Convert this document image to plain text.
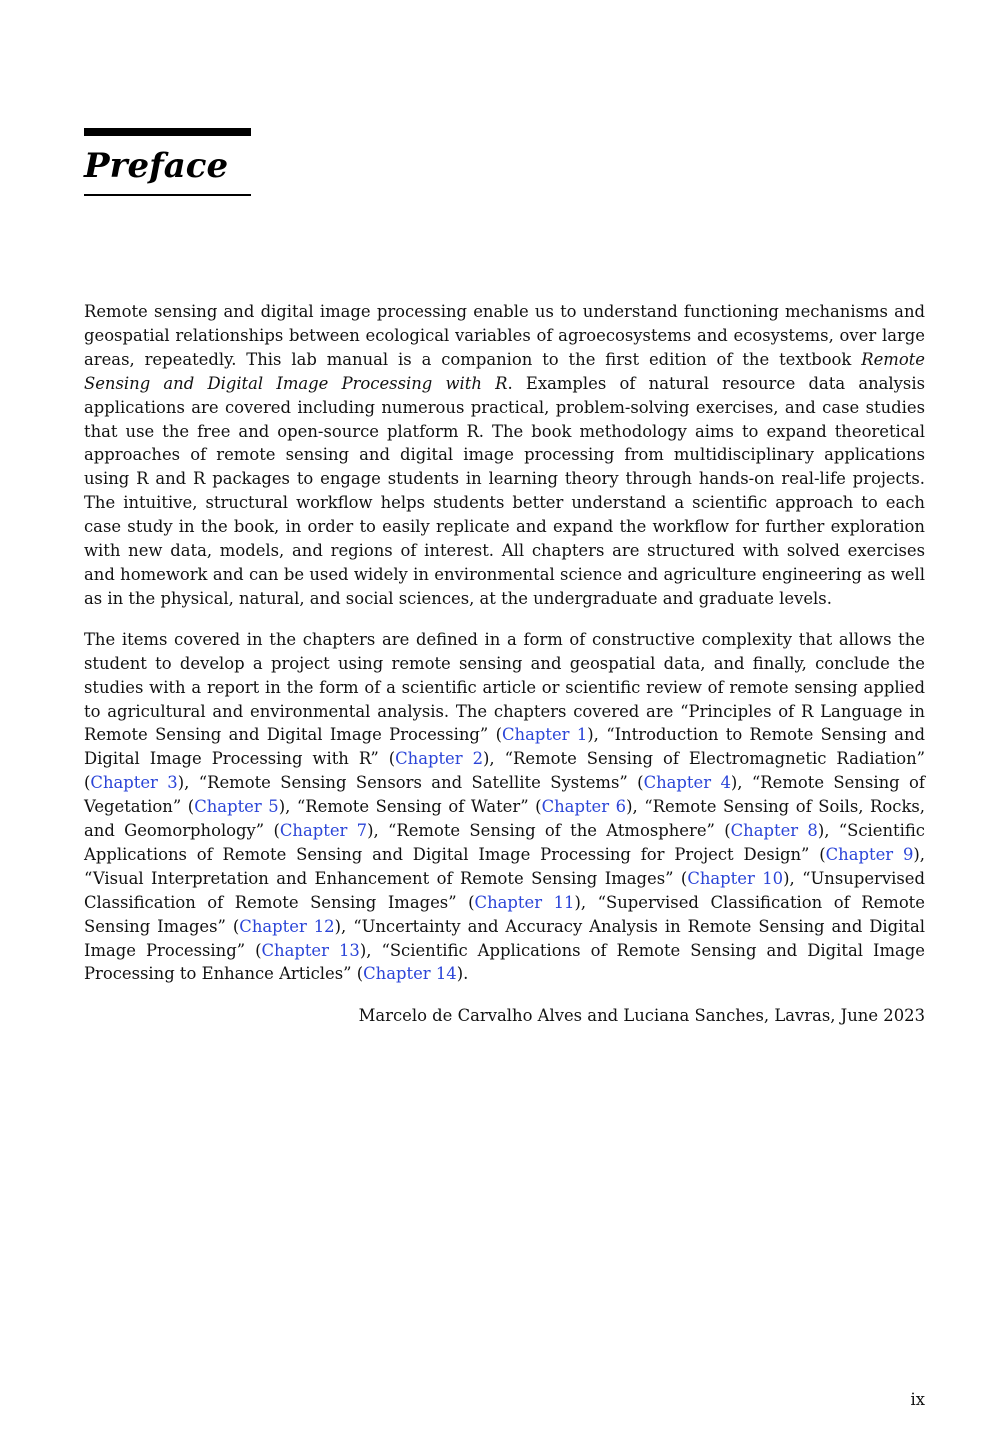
Preface

Remote sensing and digital image processing enable us to understand functioning mechanisms and geospatial relationships between ecological variables of agroecosystems and ecosystems, over large areas, repeatedly. This lab manual is a companion to the first edition of the textbook Remote Sensing and Digital Image Processing with R. Examples of natural resource data analysis applications are covered including numerous practical, problem-solving exercises, and case studies that use the free and open-source platform R. The book methodology aims to expand theoretical approaches of remote sensing and digital image processing from multidisciplinary applications using R and R packages to engage students in learning theory through hands-on real-life projects. The intuitive, structural workflow helps students better understand a scientific approach to each case study in the book, in order to easily replicate and expand the workflow for further exploration with new data, models, and regions of interest. All chapters are structured with solved exercises and homework and can be used widely in environmental science and agriculture engineering as well as in the physical, natural, and social sciences, at the undergraduate and graduate levels.

The items covered in the chapters are defined in a form of constructive complexity that allows the student to develop a project using remote sensing and geospatial data, and finally, conclude the studies with a report in the form of a scientific article or scientific review of remote sensing applied to agricultural and environmental analysis. The chapters covered are “Principles of R Language in Remote Sensing and Digital Image Processing” (Chapter 1), “Introduction to Remote Sensing and Digital Image Processing with R” (Chapter 2), “Remote Sensing of Electromagnetic Radiation” (Chapter 3), “Remote Sensing Sensors and Satellite Systems” (Chapter 4), “Remote Sensing of Vegetation” (Chapter 5), “Remote Sensing of Water” (Chapter 6), “Remote Sensing of Soils, Rocks, and Geomorphology” (Chapter 7), “Remote Sensing of the Atmosphere” (Chapter 8), “Scientific Applications of Remote Sensing and Digital Image Processing for Project Design” (Chapter 9), “Visual Interpretation and Enhancement of Remote Sensing Images” (Chapter 10), “Unsupervised Classification of Remote Sensing Images” (Chapter 11), “Supervised Classification of Remote Sensing Images” (Chapter 12), “Uncertainty and Accuracy Analysis in Remote Sensing and Digital Image Processing” (Chapter 13), “Scientific Applications of Remote Sensing and Digital Image Processing to Enhance Articles” (Chapter 14).

Marcelo de Carvalho Alves and Luciana Sanches, Lavras, June 2023
ix
